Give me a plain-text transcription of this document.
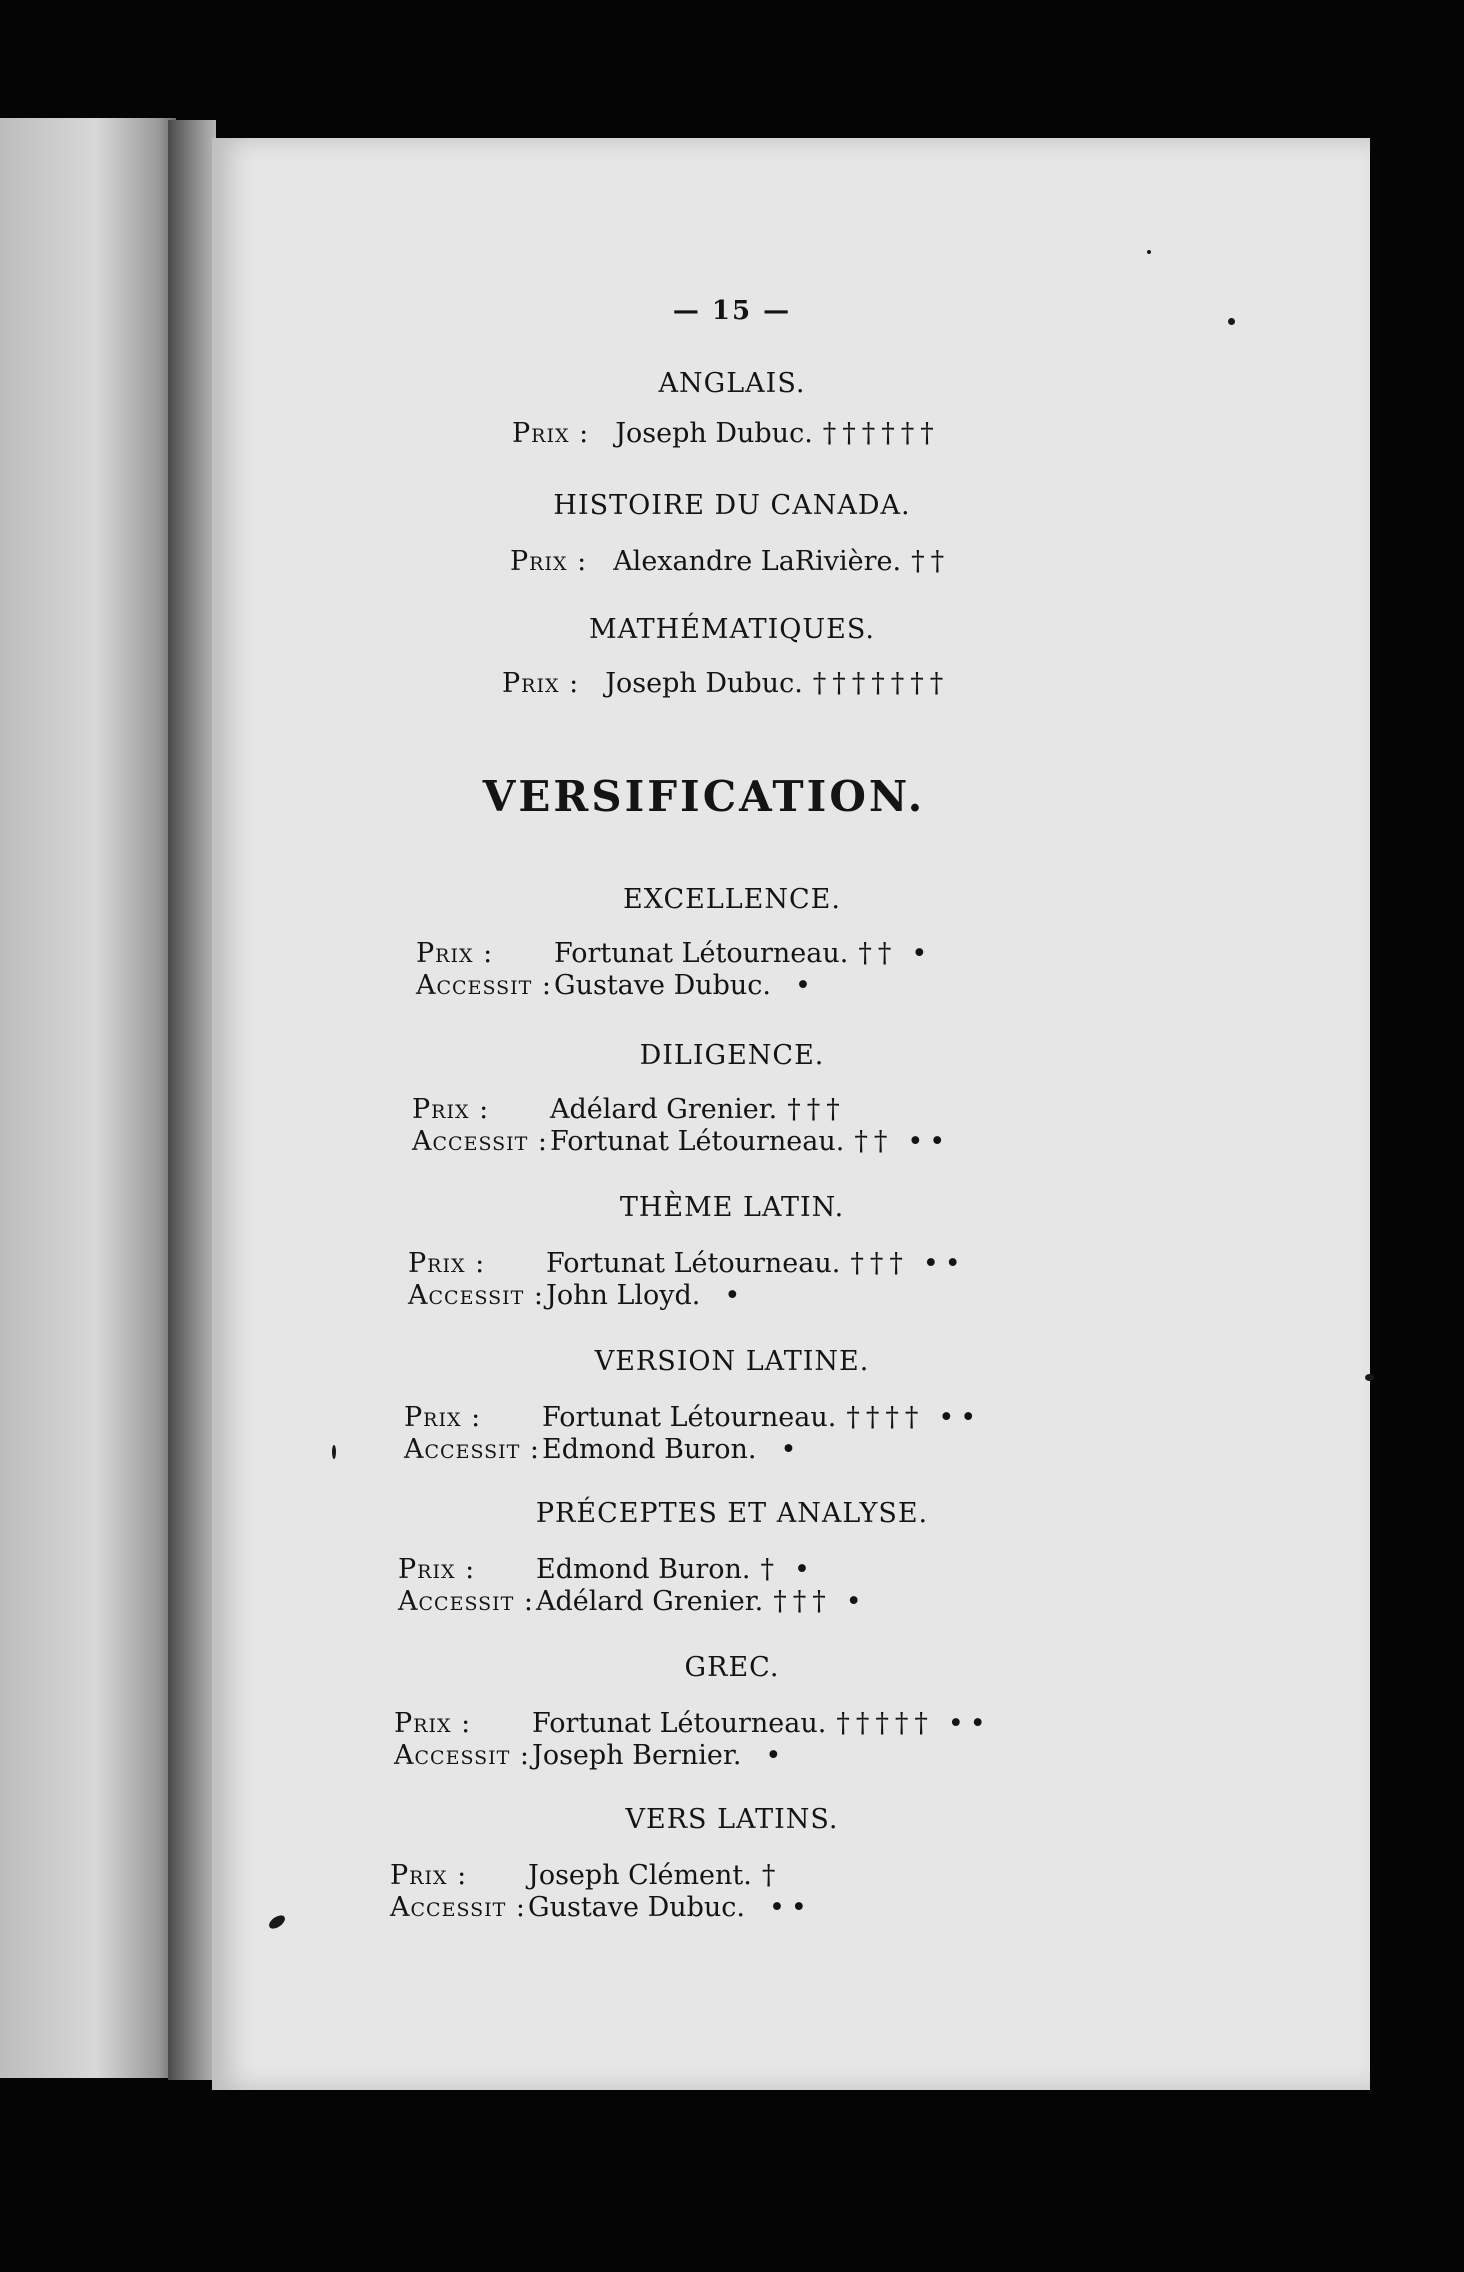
— 15 —
ANGLAIS.
Prix : Joseph Dubuc. ††††††
HISTOIRE DU CANADA.
Prix : Alexandre LaRivière. ††
MATHÉMATIQUES.
Prix : Joseph Dubuc. †††††††
VERSIFICATION.
EXCELLENCE.
Prix : Fortunat Létourneau. †† •
Accessit :Gustave Dubuc. •
DILIGENCE.
Prix : Adélard Grenier. †††
Accessit :Fortunat Létourneau. †† ••
THÈME LATIN.
Prix : Fortunat Létourneau. ††† ••
Accessit :John Lloyd. •
VERSION LATINE.
Prix : Fortunat Létourneau. †††† ••
Accessit :Edmond Buron. •
PRÉCEPTES ET ANALYSE.
Prix : Edmond Buron. † •
Accessit :Adélard Grenier. ††† •
GREC.
Prix : Fortunat Létourneau. ††††† ••
Accessit :Joseph Bernier. •
VERS LATINS.
Prix : Joseph Clément. †
Accessit :Gustave Dubuc. ••
